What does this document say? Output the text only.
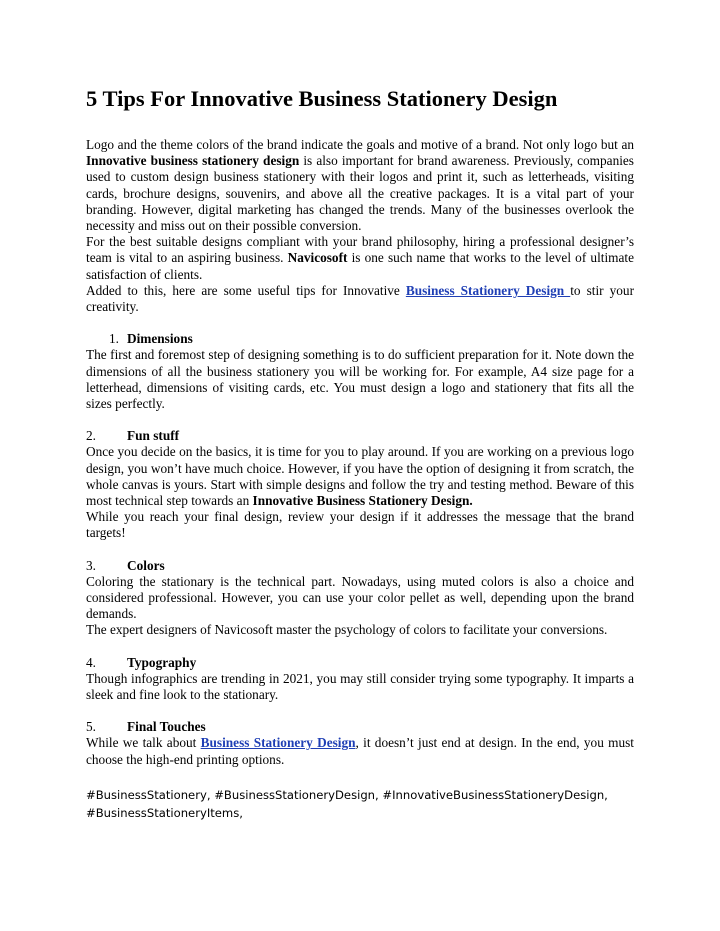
5 Tips For Innovative Business Stationery Design

Logo and the theme colors of the brand indicate the goals and motive of a brand. Not only logo but an Innovative business stationery design is also important for brand awareness. Previously, companies used to custom design business stationery with their logos and print it, such as letterheads, visiting cards, brochure designs, souvenirs, and above all the creative packages. It is a vital part of your branding. However, digital marketing has changed the trends. Many of the businesses overlook the necessity and miss out on their possible conversion.

For the best suitable designs compliant with your brand philosophy, hiring a professional designer’s team is vital to an aspiring business. Navicosoft is one such name that works to the level of ultimate satisfaction of clients.

Added to this, here are some useful tips for Innovative Business Stationery Design to stir your creativity.

1. Dimensions

The first and foremost step of designing something is to do sufficient preparation for it. Note down the dimensions of all the business stationery you will be working for. For example, A4 size page for a letterhead, dimensions of visiting cards, etc. You must design a logo and stationery that fits all the sizes perfectly.

2. Fun stuff

Once you decide on the basics, it is time for you to play around. If you are working on a previous logo design, you won’t have much choice. However, if you have the option of designing it from scratch, the whole canvas is yours. Start with simple designs and follow the try and testing method. Beware of this most technical step towards an Innovative Business Stationery Design.

While you reach your final design, review your design if it addresses the message that the brand targets!

3. Colors

Coloring the stationary is the technical part. Nowadays, using muted colors is also a choice and considered professional. However, you can use your color pellet as well, depending upon the brand demands.

The expert designers of Navicosoft master the psychology of colors to facilitate your conversions.

4. Typography

Though infographics are trending in 2021, you may still consider trying some typography. It imparts a sleek and fine look to the stationary.

5. Final Touches

While we talk about Business Stationery Design, it doesn’t just end at design. In the end, you must choose the high-end printing options.

#BusinessStationery, #BusinessStationeryDesign, #InnovativeBusinessStationeryDesign,
#BusinessStationeryItems,
